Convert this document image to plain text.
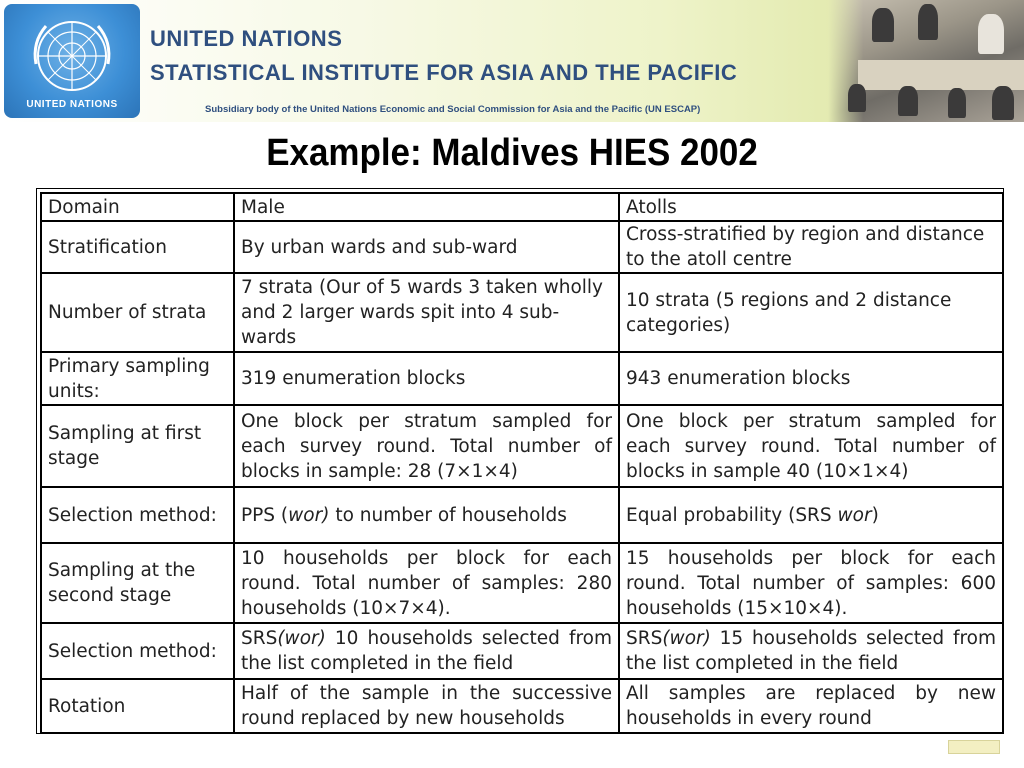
UNITED NATIONS
UNITED NATIONS
STATISTICAL INSTITUTE FOR ASIA AND THE PACIFIC
Subsidiary body of the United Nations Economic and Social Commission for Asia and the Pacific (UN ESCAP)
Example: Maldives HIES 2002
Domain	Male	Atolls
Stratification	By urban wards and sub-ward	Cross-stratified by region and distance to the atoll centre
Number of strata	7 strata (Our of 5 wards 3 taken wholly and 2 larger wards spit into 4 sub-wards	10 strata (5 regions and 2 distance categories)
Primary sampling units:	319 enumeration blocks	943 enumeration blocks
Sampling at first stage	One block per stratum sampled for each survey round. Total number of blocks in sample: 28 (7×1×4)	One block per stratum sampled for each survey round. Total number of blocks in sample 40 (10×1×4)
Selection method:	PPS (wor) to number of households	Equal probability (SRS wor)
Sampling at the second stage	10 households per block for each round. Total number of samples: 280 households (10×7×4).	15 households per block for each round. Total number of samples: 600 households (15×10×4).
Selection method:	SRS(wor) 10 households selected from the list completed in the field	SRS(wor) 15 households selected from the list completed in the field
Rotation	Half of the sample in the successive round replaced by new households	All samples are replaced by new households in every round
